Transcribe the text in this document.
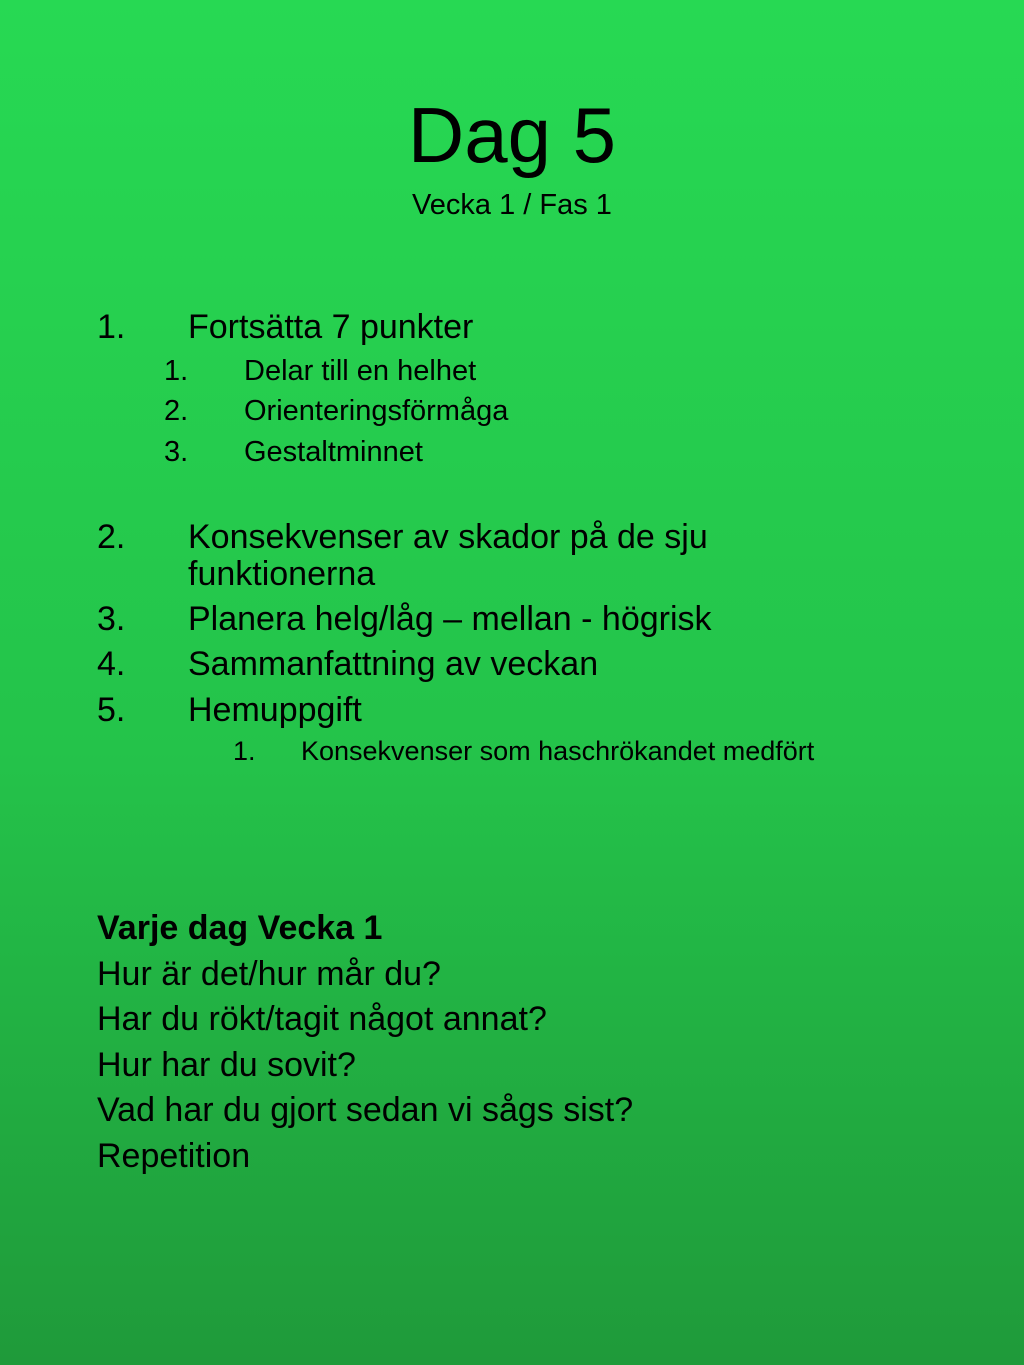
Dag 5
Vecka 1 / Fas 1
1. Fortsätta 7 punkter
1. Delar till en helhet
2. Orienteringsförmåga
3. Gestaltminnet
2. Konsekvenser av skador på de sju
funktionerna
3. Planera helg/låg – mellan - högrisk
4. Sammanfattning av veckan
5. Hemuppgift
1. Konsekvenser som haschrökandet medfört
Varje dag Vecka 1
Hur är det/hur mår du?
Har du rökt/tagit något annat?
Hur har du sovit?
Vad har du gjort sedan vi sågs sist?
Repetition
